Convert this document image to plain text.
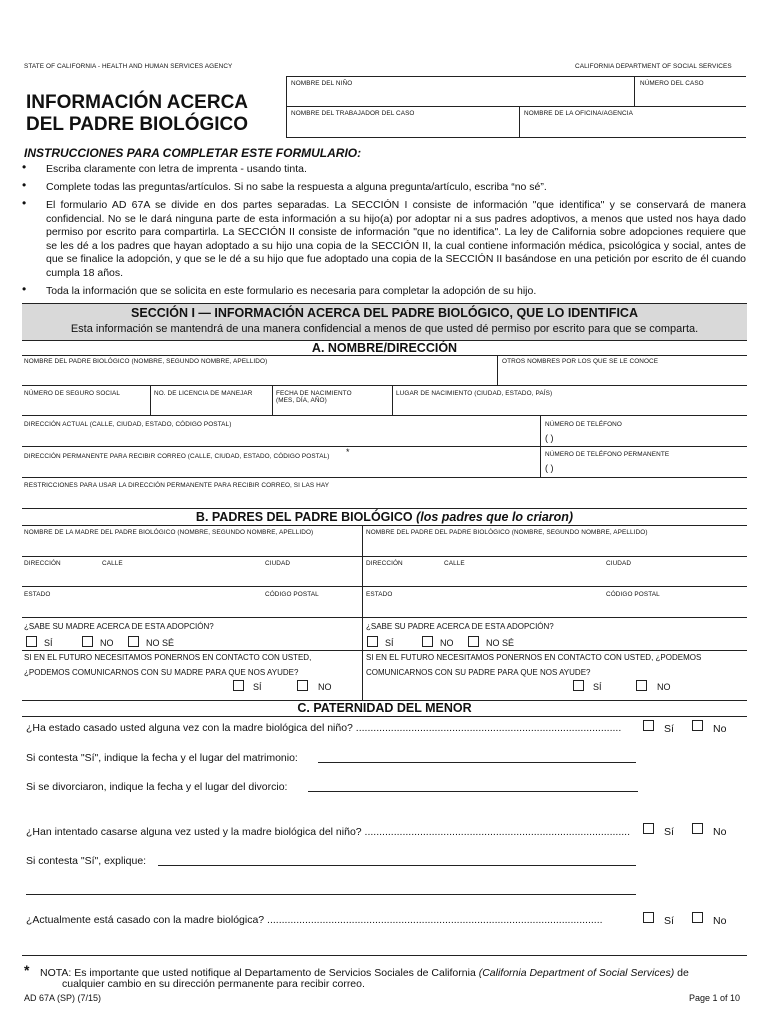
STATE OF CALIFORNIA - HEALTH AND HUMAN SERVICES AGENCY	CALIFORNIA DEPARTMENT OF SOCIAL SERVICES
INFORMACIÓN ACERCA
DEL PADRE BIOLÓGICO
NOMBRE DEL NIÑO	NÚMERO DEL CASO
NOMBRE DEL TRABAJADOR DEL CASO	NOMBRE DE LA OFICINA/AGENCIA
INSTRUCCIONES PARA COMPLETAR ESTE FORMULARIO:
• Escriba claramente con letra de imprenta - usando tinta.
• Complete todas las preguntas/artículos. Si no sabe la respuesta a alguna pregunta/artículo, escriba “no sé”.
• El formulario AD 67A se divide en dos partes separadas. La SECCIÓN I consiste de información "que identifica" y se conservará de manera confidencial. No se le dará ninguna parte de esta información a su hijo(a) por adoptar ni a sus padres adoptivos, a menos que usted nos haya dado permiso por escrito para compartirla. La SECCIÓN II consiste de información "que no identifica". La ley de California sobre adopciones requiere que se les dé a los padres que hayan adoptado a su hijo una copia de la SECCIÓN II, la cual contiene información médica, psicológica y social, antes de que se finalice la adopción, y que se le dé a su hijo que fue adoptado una copia de la SECCIÓN II basándose en una petición por escrito de él cuando cumpla 18 años.
• Toda la información que se solicita en este formulario es necesaria para completar la adopción de su hijo.
SECCIÓN I — INFORMACIÓN ACERCA DEL PADRE BIOLÓGICO, QUE LO IDENTIFICA
Esta información se mantendrá de una manera confidencial a menos de que usted dé permiso por escrito para que se comparta.
A. NOMBRE/DIRECCIÓN
NOMBRE DEL PADRE BIOLÓGICO (NOMBRE, SEGUNDO NOMBRE, APELLIDO)	OTROS NOMBRES POR LOS QUE SE LE CONOCE
NÚMERO DE SEGURO SOCIAL	NO. DE LICENCIA DE MANEJAR	FECHA DE NACIMIENTO
(MES, DÍA, AÑO)
LUGAR DE NACIMIENTO (CIUDAD, ESTADO, PAÍS)
DIRECCIÓN ACTUAL (CALLE, CIUDAD, ESTADO, CÓDIGO POSTAL)	NÚMERO DE TELÉFONO
( )
DIRECCIÓN PERMANENTE PARA RECIBIR CORREO (CALLE, CIUDAD, ESTADO, CÓDIGO POSTAL) *	NÚMERO DE TELÉFONO PERMANENTE
( )
RESTRICCIONES PARA USAR LA DIRECCIÓN PERMANENTE PARA RECIBIR CORREO, SI LAS HAY
B. PADRES DEL PADRE BIOLÓGICO (los padres que lo criaron)
NOMBRE DE LA MADRE DEL PADRE BIOLÓGICO (NOMBRE, SEGUNDO NOMBRE, APELLIDO)	NOMBRE DEL PADRE DEL PADRE BIOLÓGICO (NOMBRE, SEGUNDO NOMBRE, APELLIDO)
DIRECCIÓN	CALLE	CIUDAD	DIRECCIÓN	CALLE	CIUDAD
ESTADO	CÓDIGO POSTAL	ESTADO	CÓDIGO POSTAL
¿SABE SU MADRE ACERCA DE ESTA ADOPCIÓN?
SÍ	NO	NO SÉ
¿SABE SU PADRE ACERCA DE ESTA ADOPCIÓN?
SÍ	NO	NO SÉ
SI EN EL FUTURO NECESITAMOS PONERNOS EN CONTACTO CON USTED,
¿PODEMOS COMUNICARNOS CON SU MADRE PARA QUE NOS AYUDE?
SÍ	NO
SI EN EL FUTURO NECESITAMOS PONERNOS EN CONTACTO CON USTED, ¿PODEMOS
COMUNICARNOS CON SU PADRE PARA QUE NOS AYUDE?
SÍ	NO
C. PATERNIDAD DEL MENOR
¿Ha estado casado usted alguna vez con la madre biológica del niño? ...........................................................................................	Sí	No
Si contesta "Sí", indique la fecha y el lugar del matrimonio:
Si se divorciaron, indique la fecha y el lugar del divorcio:
¿Han intentado casarse alguna vez usted y la madre biológica del niño? ...........................................................................................	Sí	No
Si contesta "Sí", explique:
¿Actualmente está casado con la madre biológica? ...................................................................................................................	Sí	No
* NOTA: Es importante que usted notifique al Departamento de Servicios Sociales de California (California Department of Social Services) de
cualquier cambio en su dirección permanente para recibir correo.
AD 67A (SP) (7/15)	Page 1 of 10
